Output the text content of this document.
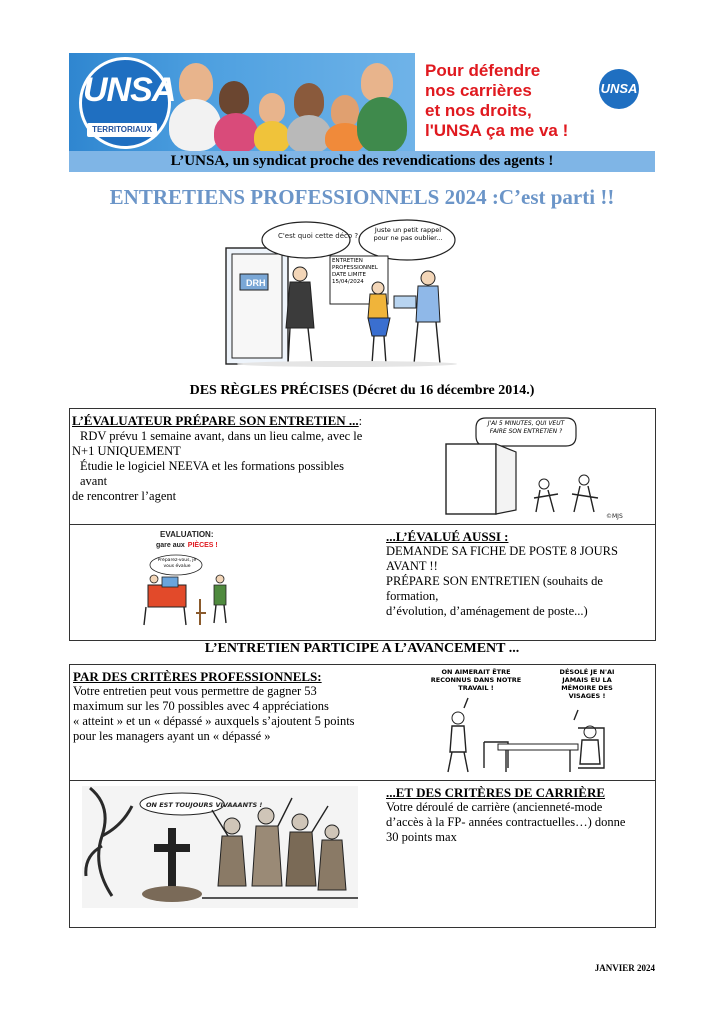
UNSA
TERRITORIAUX
Pour défendre
nos carrières
et nos droits,
l'UNSA ça me va !
UNSA
L’UNSA, un syndicat proche des revendications des agents !
ENTRETIENS PROFESSIONNELS 2024 :C’est parti !!
DRH
C'est quoi cette déco ?
Juste un petit rappel pour ne pas oublier...
ENTRETIEN PROFESSIONNEL
DATE LIMITE
15/04/2024
DES RÈGLES PRÉCISES (Décret du 16 décembre 2014.)
L’ÉVALUATEUR PRÉPARE SON ENTRETIEN ...:
RDV prévu 1 semaine avant, dans un lieu calme, avec le
N+1 UNIQUEMENT
Étudie le logiciel NEEVA et les formations possibles avant
de rencontrer l’agent
J'AI 5 MINUTES, QUI VEUT FAIRE SON ENTRETIEN ?
©MJS
EVALUATION:
gare aux PIÈCES !
Préparez-vous, je vous évalue
...L’ÉVALUÉ AUSSI :
DEMANDE SA FICHE DE POSTE 8 JOURS
AVANT !!
PRÉPARE SON ENTRETIEN (souhaits de formation,
d’évolution, d’aménagement de poste...)
L’ENTRETIEN PARTICIPE A L’AVANCEMENT ...
PAR DES CRITÈRES PROFESSIONNELS:
Votre entretien peut vous permettre de gagner 53
maximum sur les 70 possibles avec 4 appréciations
« atteint » et un « dépassé » auxquels s’ajoutent 5 points
pour les managers ayant un « dépassé »
ON AIMERAIT ÊTRE RECONNUS DANS NOTRE TRAVAIL !
DÉSOLÉ JE N'AI JAMAIS EU LA MÉMOIRE DES VISAGES !
ON EST TOUJOURS VIVAAANTS !
...ET DES CRITÈRES DE CARRIÈRE
Votre déroulé de carrière (ancienneté-mode
d’accès à la FP- années contractuelles…) donne
30 points max
JANVIER 2024
